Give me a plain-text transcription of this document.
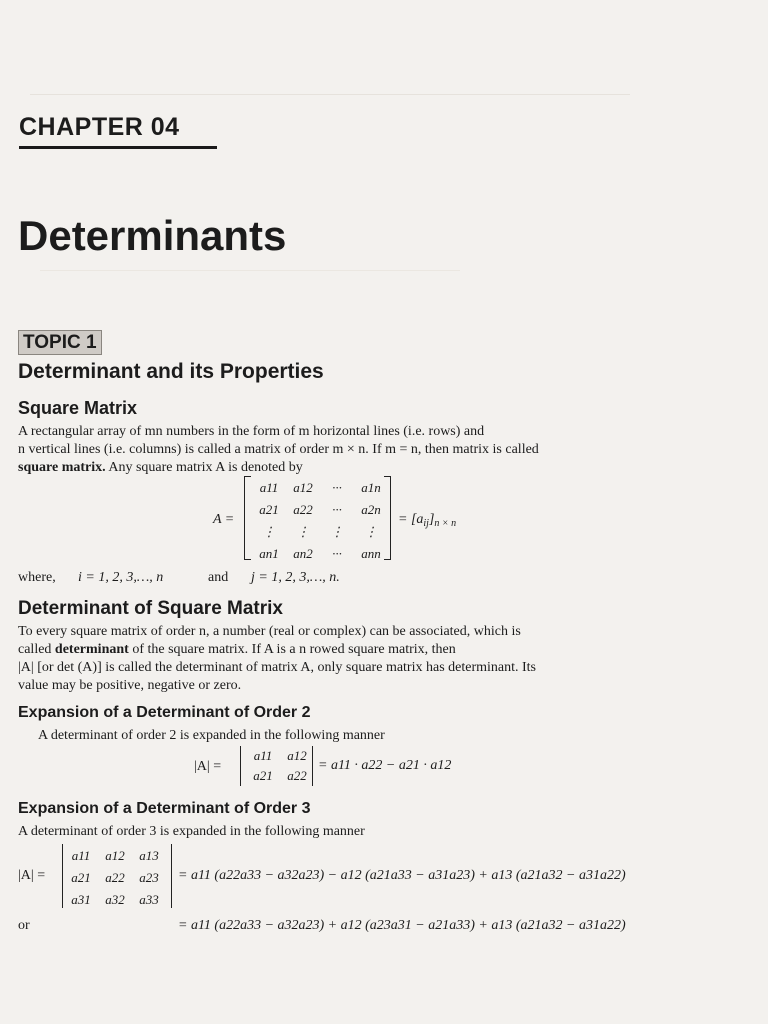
CHAPTER 04
Determinants
TOPIC 1
Determinant and its Properties
Square Matrix

A rectangular array of mn numbers in the form of m horizontal lines (i.e. rows) and

n vertical lines (i.e. columns) is called a matrix of order m × n. If m = n, then matrix is called

square matrix. Any square matrix A is denoted by

A =
a11	a12	···	a1n
a21	a22	···	a2n
⋮	⋮	⋮	⋮
an1	an2	···	ann
= $[a_{ij}]_{n \times n}$
where, i = 1, 2, 3,…, n	and j = 1, 2, 3,…, n.
Determinant of Square Matrix

To every square matrix of order n, a number (real or complex) can be associated, which is

called determinant of the square matrix. If A is a n rowed square matrix, then

|A| [or det (A)] is called the determinant of matrix A, only square matrix has determinant. Its

value may be positive, negative or zero.

Expansion of a Determinant of Order 2

A determinant of order 2 is expanded in the following manner

|A| =
a11	a12
a21	a22
= a11 · a22 − a21 · a12
Expansion of a Determinant of Order 3

A determinant of order 3 is expanded in the following manner

|A| =
a11	a12	a13
a21	a22	a23
a31	a32	a33
= a11 (a22a33 − a32a23) − a12 (a21a33 − a31a23) + a13 (a21a32 − a31a22)
or	= a11 (a22a33 − a32a23) + a12 (a23a31 − a21a33) + a13 (a21a32 − a31a22)
